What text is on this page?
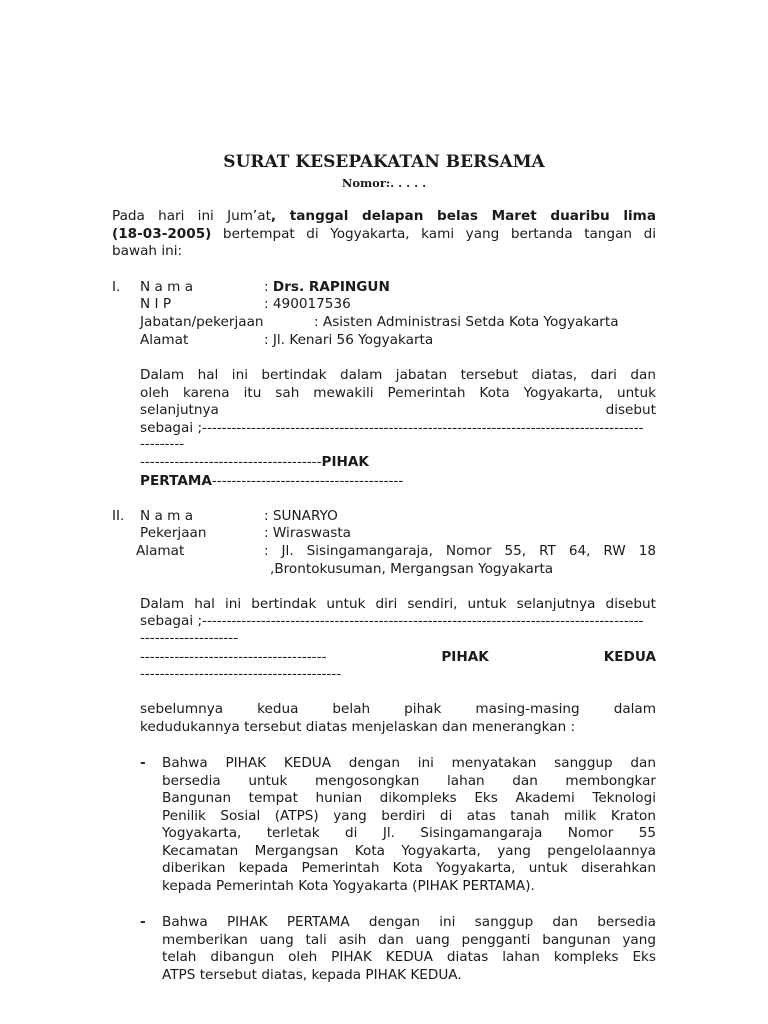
SURAT KESEPAKATAN BERSAMA
Nomor:. . . . .
Pada hari ini Jum’at, tanggal delapan belas Maret duaribu lima
(18-03-2005) bertempat di Yogyakarta, kami yang bertanda tangan di
bawah ini:
I. N a m a	: Drs. RAPINGUN
N I P	: 490017536
Jabatan/pekerjaan	: Asisten Administrasi Setda Kota Yogyakarta
Alamat	: Jl. Kenari 56 Yogyakarta
Dalam hal ini bertindak dalam jabatan tersebut diatas, dari dan
oleh karena itu sah mewakili Pemerintah Kota Yogyakarta, untuk
selanjutnya	disebut
sebagai ;------------------------------------------------------------------------------------------
---------
-------------------------------------PIHAK
PERTAMA---------------------------------------
II. N a m a	: SUNARYO
Pekerjaan	: Wiraswasta
Alamat	: Jl. Sisingamangaraja, Nomor 55, RT 64, RW 18
,Brontokusuman, Mergangsan Yogyakarta
Dalam hal ini bertindak untuk diri sendiri, untuk selanjutnya disebut
sebagai ;------------------------------------------------------------------------------------------
--------------------
--------------------------------------	PIHAK	KEDUA
-----------------------------------------
sebelumnya kedua belah pihak masing-masing dalam
kedudukannya tersebut diatas menjelaskan dan menerangkan :
- Bahwa PIHAK KEDUA dengan ini menyatakan sanggup dan
bersedia untuk mengosongkan lahan dan membongkar
Bangunan tempat hunian dikompleks Eks Akademi Teknologi
Penilik Sosial (ATPS) yang berdiri di atas tanah milik Kraton
Yogyakarta, terletak di Jl. Sisingamangaraja Nomor 55
Kecamatan Mergangsan Kota Yogyakarta, yang pengelolaannya
diberikan kepada Pemerintah Kota Yogyakarta, untuk diserahkan
kepada Pemerintah Kota Yogyakarta (PIHAK PERTAMA).
- Bahwa PIHAK PERTAMA dengan ini sanggup dan bersedia
memberikan uang tali asih dan uang pengganti bangunan yang
telah dibangun oleh PIHAK KEDUA diatas lahan kompleks Eks
ATPS tersebut diatas, kepada PIHAK KEDUA.
